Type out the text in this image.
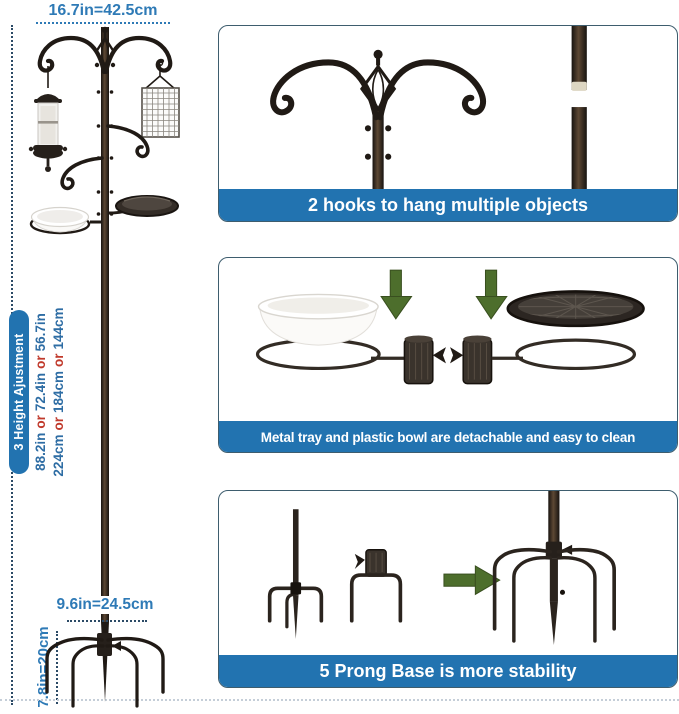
16.7in=42.5cm
3 Height Ajustment
88.2in
or
72.4in
or
56.7in
224cm
or
184cm
or
144cm
9.6in=24.5cm
7.8in=20cm
2 hooks to hang multiple objects
Metal tray and plastic bowl are detachable and easy to clean
5 Prong Base is more stability
